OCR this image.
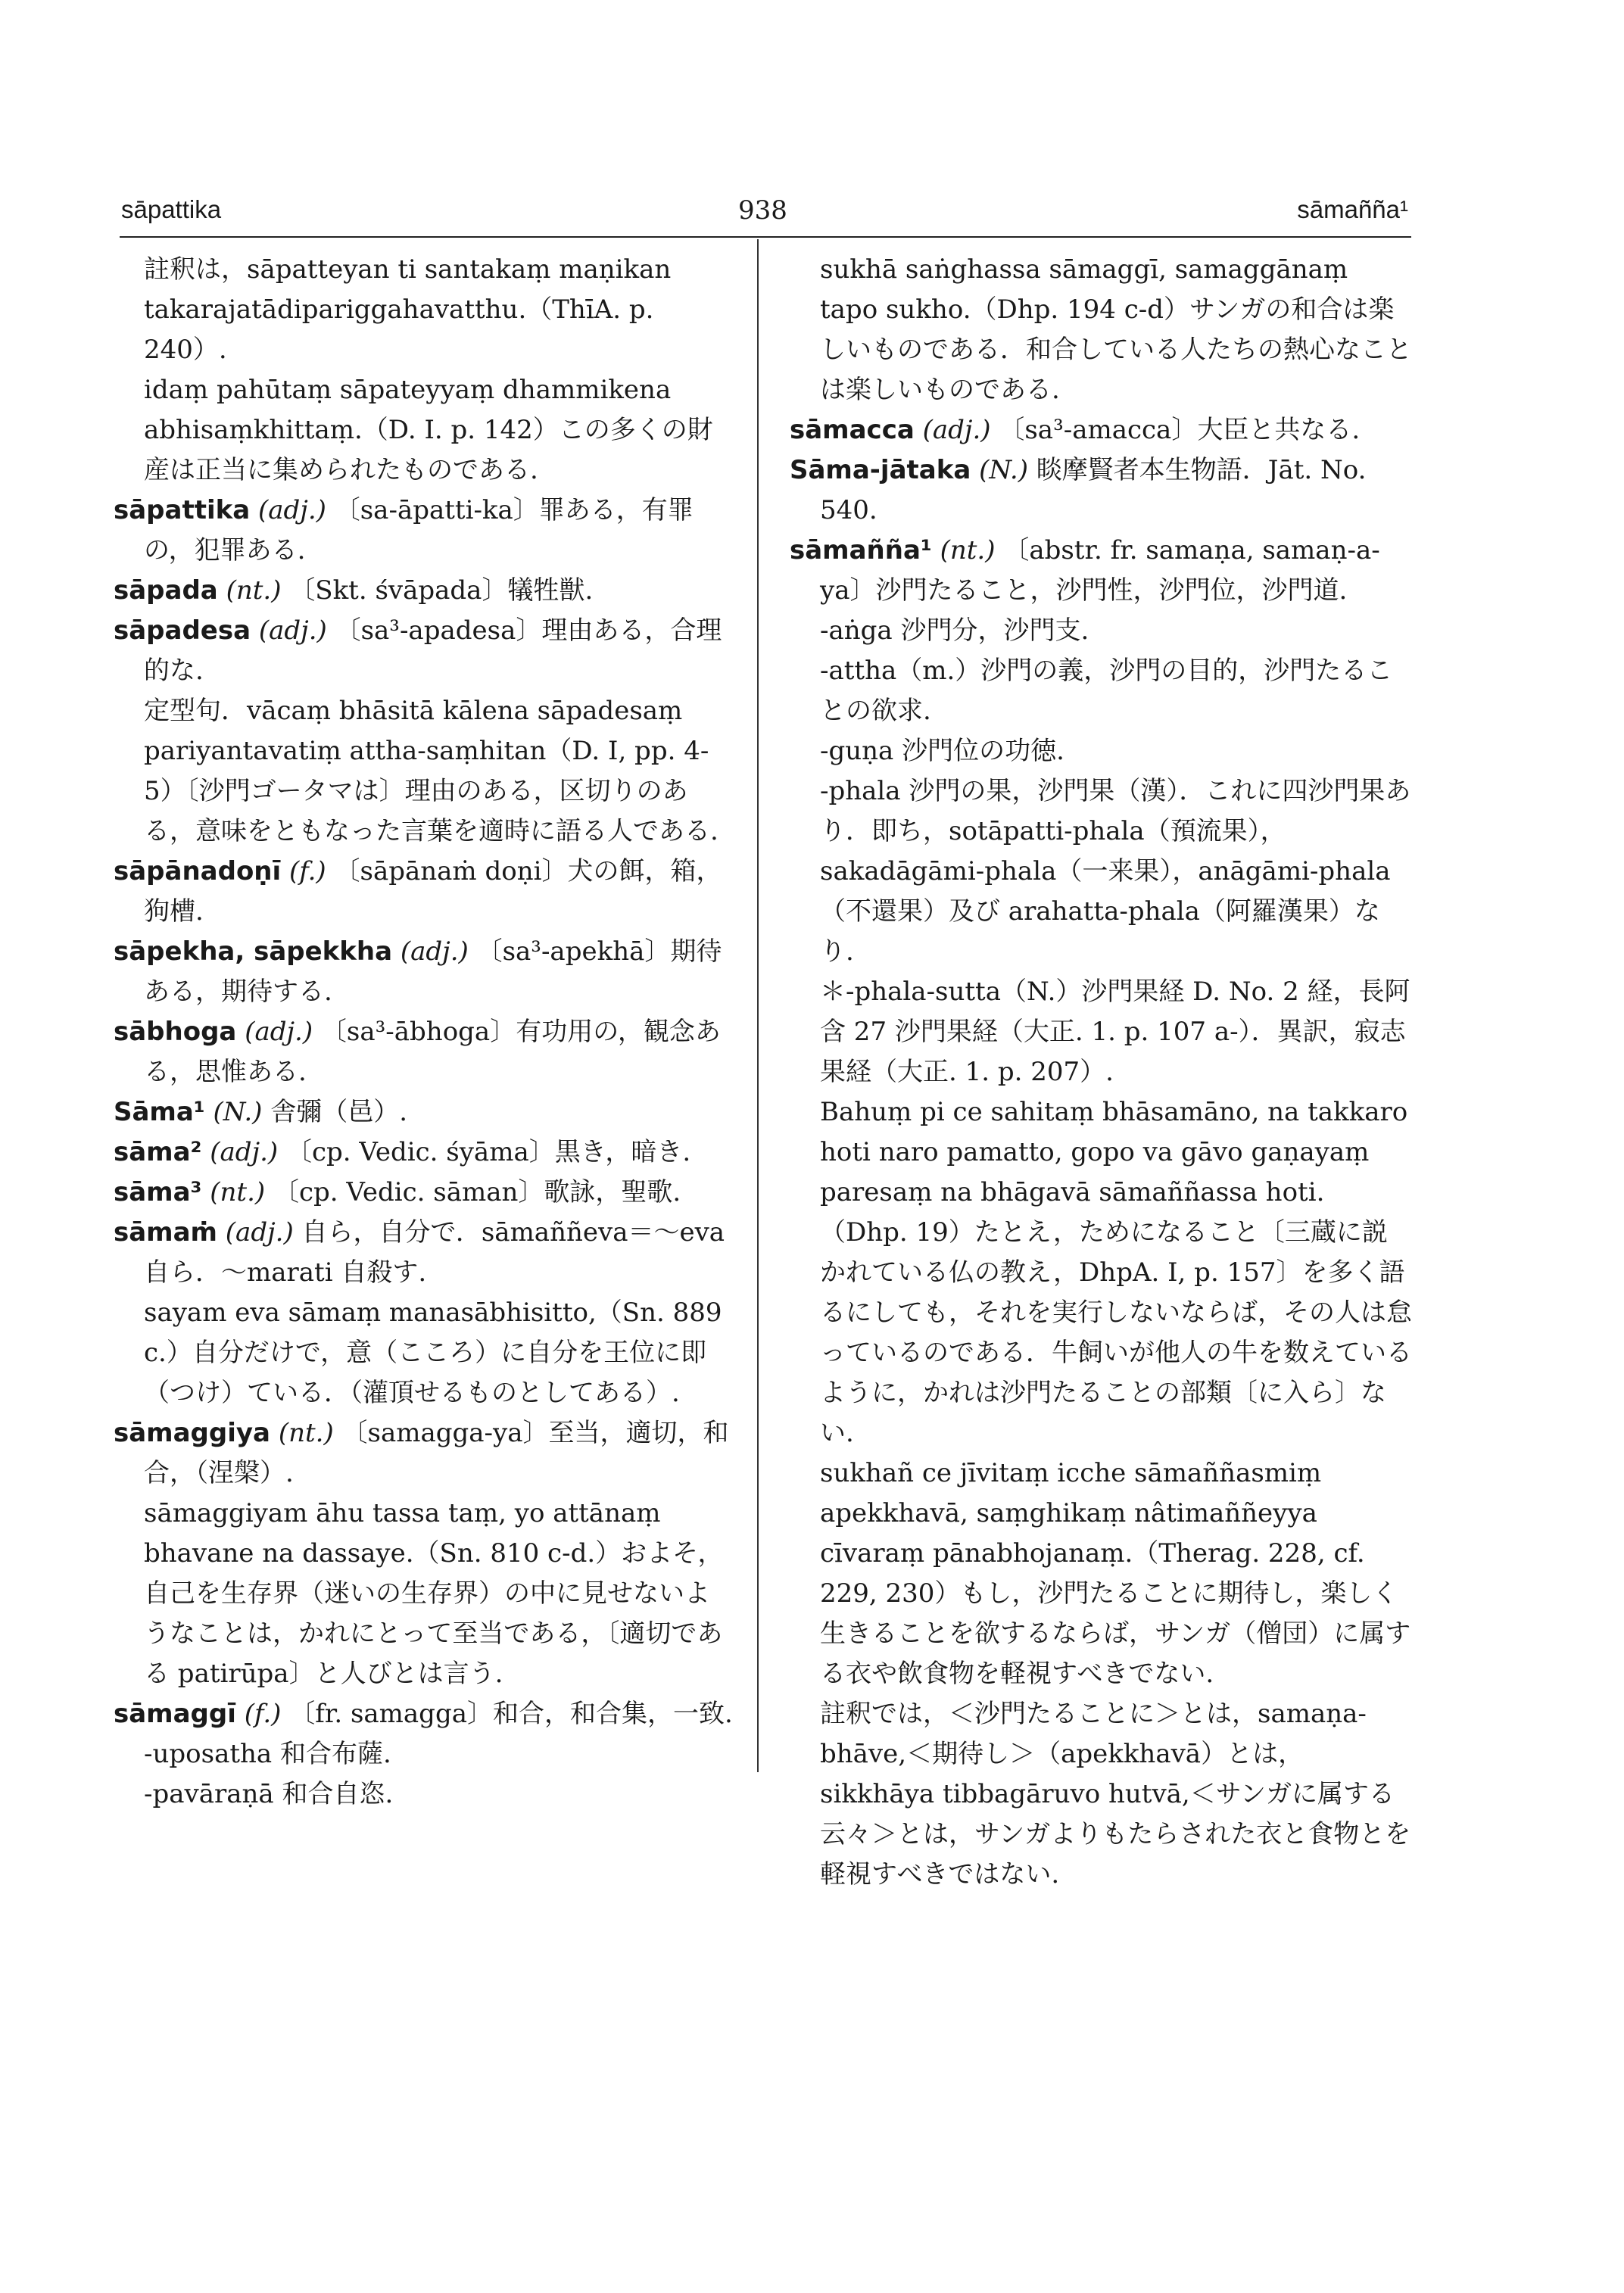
sāpattika	938	sāmañña¹

註釈は，sāpatteyan ti santakaṃ maṇikan takarajatādipariggahavatthu.（ThīA. p. 240）.

idaṃ pahūtaṃ sāpateyyaṃ dhammikena abhisaṃkhittaṃ.（D. I. p. 142）この多くの財産は正当に集められたものである.

sāpattika (adj.) 〔sa-āpatti-ka〕罪ある，有罪の，犯罪ある.

sāpada (nt.) 〔Skt. śvāpada〕犠牲獣.

sāpadesa (adj.) 〔sa³-apadesa〕理由ある，合理的な.

定型句．vācaṃ bhāsitā kālena sāpadesaṃ pariyantavatiṃ attha-saṃhitan（D. I, pp. 4-5）〔沙門ゴータマは〕理由のある，区切りのある，意味をともなった言葉を適時に語る人である.

sāpānadoṇī (f.) 〔sāpānaṁ doṇi〕犬の餌，箱，狗槽.

sāpekha, sāpekkha (adj.) 〔sa³-apekhā〕期待ある，期待する.

sābhoga (adj.) 〔sa³-ābhoga〕有功用の，観念ある，思惟ある.

Sāma¹ (N.) 舎彌（邑）.

sāma² (adj.) 〔cp. Vedic. śyāma〕黒き，暗き.

sāma³ (nt.) 〔cp. Vedic. sāman〕歌詠，聖歌.

sāmaṁ (adj.) 自ら，自分で．sāmaññeva＝〜eva 自ら．〜marati 自殺す.

sayam eva sāmaṃ manasābhisitto,（Sn. 889 c.）自分だけで，意（こころ）に自分を王位に即（つけ）ている．（灌頂せるものとしてある）.

sāmaggiya (nt.) 〔samagga-ya〕至当，適切，和合，（涅槃）.

sāmaggiyam āhu tassa taṃ, yo attānaṃ bhavane na dassaye.（Sn. 810 c-d.）およそ，自己を生存界（迷いの生存界）の中に見せないようなことは，かれにとって至当である，〔適切である patirūpa〕と人びとは言う.

sāmaggī (f.) 〔fr. samagga〕和合，和合集，一致.

-uposatha 和合布薩.

-pavāraṇā 和合自恣.

sukhā saṅghassa sāmaggī, samaggānaṃ tapo sukho.（Dhp. 194 c-d）サンガの和合は楽しいものである．和合している人たちの熱心なことは楽しいものである.

sāmacca (adj.) 〔sa³-amacca〕大臣と共なる.

Sāma-jātaka (N.) 睒摩賢者本生物語．Jāt. No. 540.

sāmañña¹ (nt.) 〔abstr. fr. samaṇa, samaṇ-a-ya〕沙門たること，沙門性，沙門位，沙門道.

-aṅga 沙門分，沙門支.

-attha（m.）沙門の義，沙門の目的，沙門たることの欲求.

-guṇa 沙門位の功徳.

-phala 沙門の果，沙門果（漢）．これに四沙門果あり．即ち，sotāpatti-phala（預流果），sakadāgāmi-phala（一来果），anāgāmi-phala（不還果）及び arahatta-phala（阿羅漢果）なり.

＊-phala-sutta（N.）沙門果経 D. No. 2 経，長阿含 27 沙門果経（大正. 1. p. 107 a-）．異訳，寂志果経（大正. 1. p. 207）.

Bahuṃ pi ce sahitaṃ bhāsamāno, na takkaro hoti naro pamatto, gopo va gāvo gaṇayaṃ paresaṃ na bhāgavā sāmaññassa hoti.（Dhp. 19）たとえ，ためになること〔三蔵に説かれている仏の教え，DhpA. I, p. 157〕を多く語るにしても，それを実行しないならば，その人は怠っているのである．牛飼いが他人の牛を数えているように，かれは沙門たることの部類〔に入ら〕ない.

sukhañ ce jīvitaṃ icche sāmaññasmiṃ apekkhavā, saṃghikaṃ nâtimaññeyya cīvaraṃ pānabhojanaṃ.（Therag. 228, cf. 229, 230）もし，沙門たることに期待し，楽しく生きることを欲するならば，サンガ（僧団）に属する衣や飲食物を軽視すべきでない.

註釈では，＜沙門たることに＞とは，samaṇa-bhāve,＜期待し＞（apekkhavā）とは，sikkhāya tibbagāruvo hutvā,＜サンガに属する云々＞とは，サンガよりもたらされた衣と食物とを軽視すべきではない.
